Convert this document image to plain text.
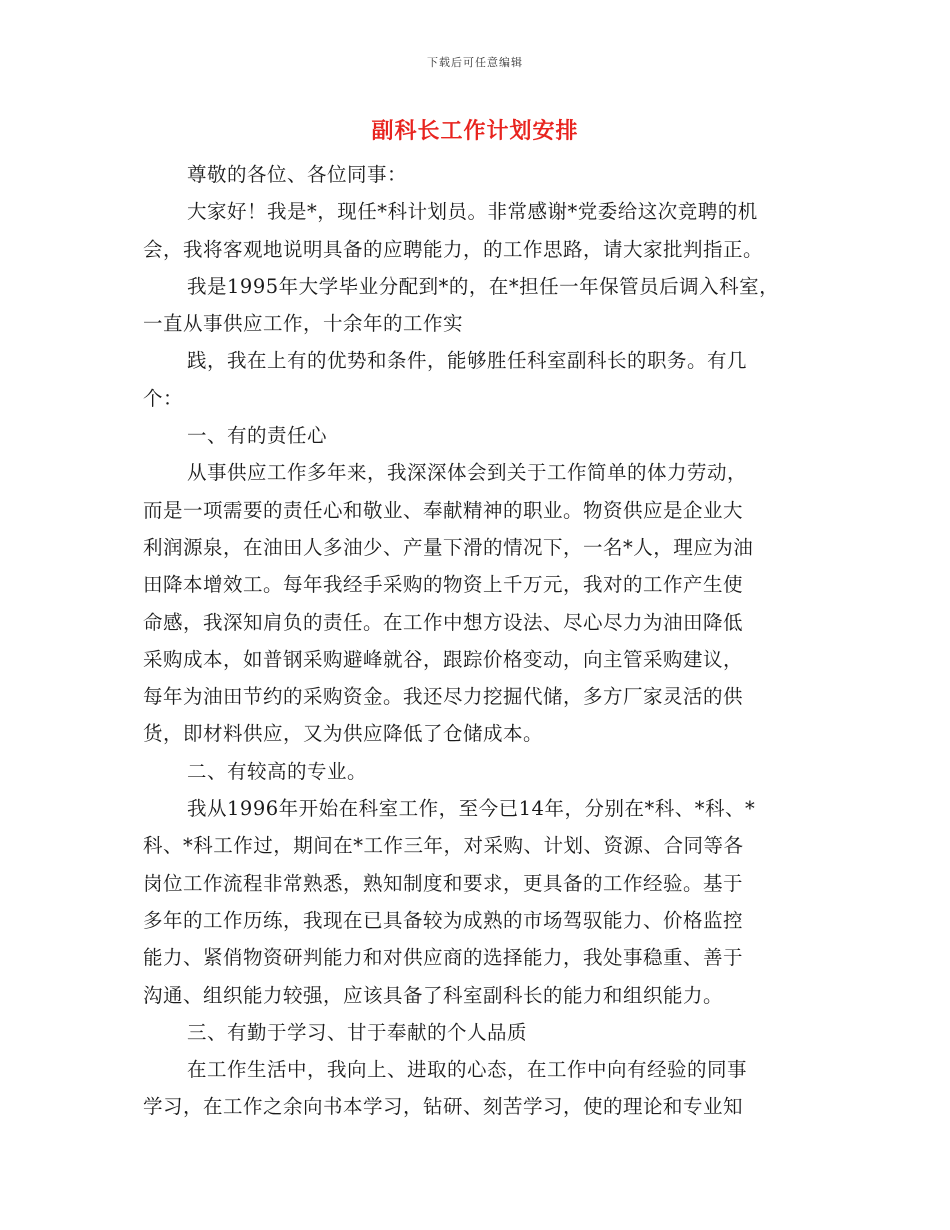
下载后可任意编辑
副科长工作计划安排
尊敬的各位、各位同事：
大家好！我是*，现任*科计划员。非常感谢*党委给这次竞聘的机
会，我将客观地说明具备的应聘能力，的工作思路，请大家批判指正。
我是1995年大学毕业分配到*的，在*担任一年保管员后调入科室，
一直从事供应工作，十余年的工作实
践，我在上有的优势和条件，能够胜任科室副科长的职务。有几
个：
一、有的责任心
从事供应工作多年来，我深深体会到关于工作简单的体力劳动，
而是一项需要的责任心和敬业、奉献精神的职业。物资供应是企业大
利润源泉，在油田人多油少、产量下滑的情况下，一名*人，理应为油
田降本增效工。每年我经手采购的物资上千万元，我对的工作产生使
命感，我深知肩负的责任。在工作中想方设法、尽心尽力为油田降低
采购成本，如普钢采购避峰就谷，跟踪价格变动，向主管采购建议，
每年为油田节约的采购资金。我还尽力挖掘代储，多方厂家灵活的供
货，即材料供应，又为供应降低了仓储成本。
二、有较高的专业。
我从1996年开始在科室工作，至今已14年，分别在*科、*科、*
科、*科工作过，期间在*工作三年，对采购、计划、资源、合同等各
岗位工作流程非常熟悉，熟知制度和要求，更具备的工作经验。基于
多年的工作历练，我现在已具备较为成熟的市场驾驭能力、价格监控
能力、紧俏物资研判能力和对供应商的选择能力，我处事稳重、善于
沟通、组织能力较强，应该具备了科室副科长的能力和组织能力。
三、有勤于学习、甘于奉献的个人品质
在工作生活中，我向上、进取的心态，在工作中向有经验的同事
学习，在工作之余向书本学习，钻研、刻苦学习，使的理论和专业知
